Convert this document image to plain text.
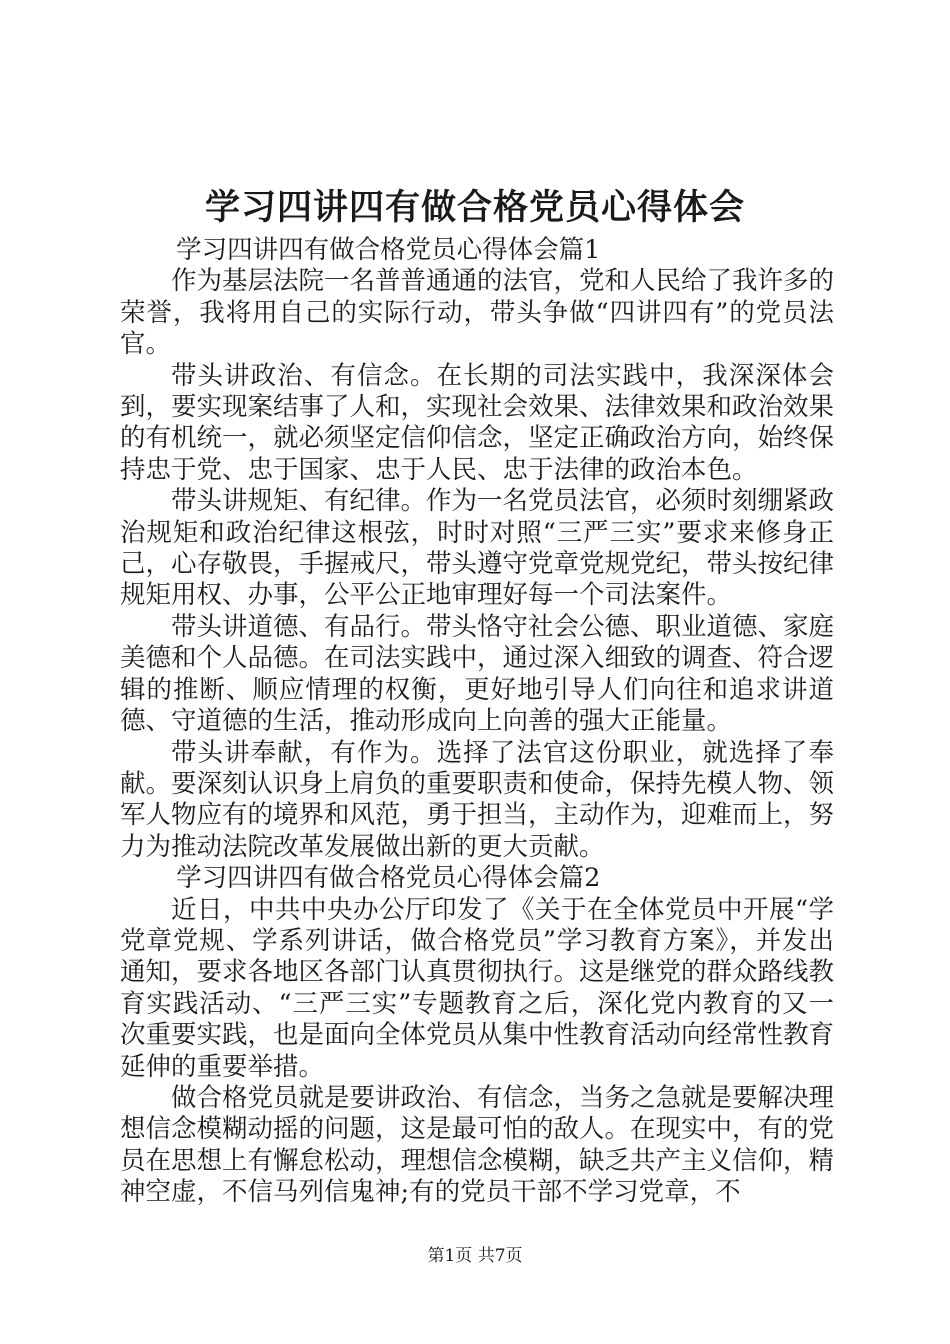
学习四讲四有做合格党员心得体会

学习四讲四有做合格党员心得体会篇1

作为基层法院一名普普通通的法官，党和人民给了我许多的荣誉，我将用自己的实际行动，带头争做“四讲四有”的党员法官。

带头讲政治、有信念。在长期的司法实践中，我深深体会到，要实现案结事了人和，实现社会效果、法律效果和政治效果的有机统一，就必须坚定信仰信念，坚定正确政治方向，始终保持忠于党、忠于国家、忠于人民、忠于法律的政治本色。

带头讲规矩、有纪律。作为一名党员法官，必须时刻绷紧政治规矩和政治纪律这根弦，时时对照“三严三实”要求来修身正己，心存敬畏，手握戒尺，带头遵守党章党规党纪，带头按纪律规矩用权、办事，公平公正地审理好每一个司法案件。

带头讲道德、有品行。带头恪守社会公德、职业道德、家庭美德和个人品德。在司法实践中，通过深入细致的调查、符合逻辑的推断、顺应情理的权衡，更好地引导人们向往和追求讲道德、守道德的生活，推动形成向上向善的强大正能量。

带头讲奉献，有作为。选择了法官这份职业，就选择了奉献。要深刻认识身上肩负的重要职责和使命，保持先模人物、领军人物应有的境界和风范，勇于担当，主动作为，迎难而上，努力为推动法院改革发展做出新的更大贡献。

学习四讲四有做合格党员心得体会篇2

近日，中共中央办公厅印发了《关于在全体党员中开展“学党章党规、学系列讲话，做合格党员”学习教育方案》，并发出通知，要求各地区各部门认真贯彻执行。这是继党的群众路线教育实践活动、“三严三实”专题教育之后，深化党内教育的又一次重要实践，也是面向全体党员从集中性教育活动向经常性教育延伸的重要举措。

做合格党员就是要讲政治、有信念，当务之急就是要解决理想信念模糊动摇的问题，这是最可怕的敌人。在现实中，有的党员在思想上有懈怠松动，理想信念模糊，缺乏共产主义信仰，精神空虚，不信马列信鬼神;有的党员干部不学习党章，不

第1页 共7页
